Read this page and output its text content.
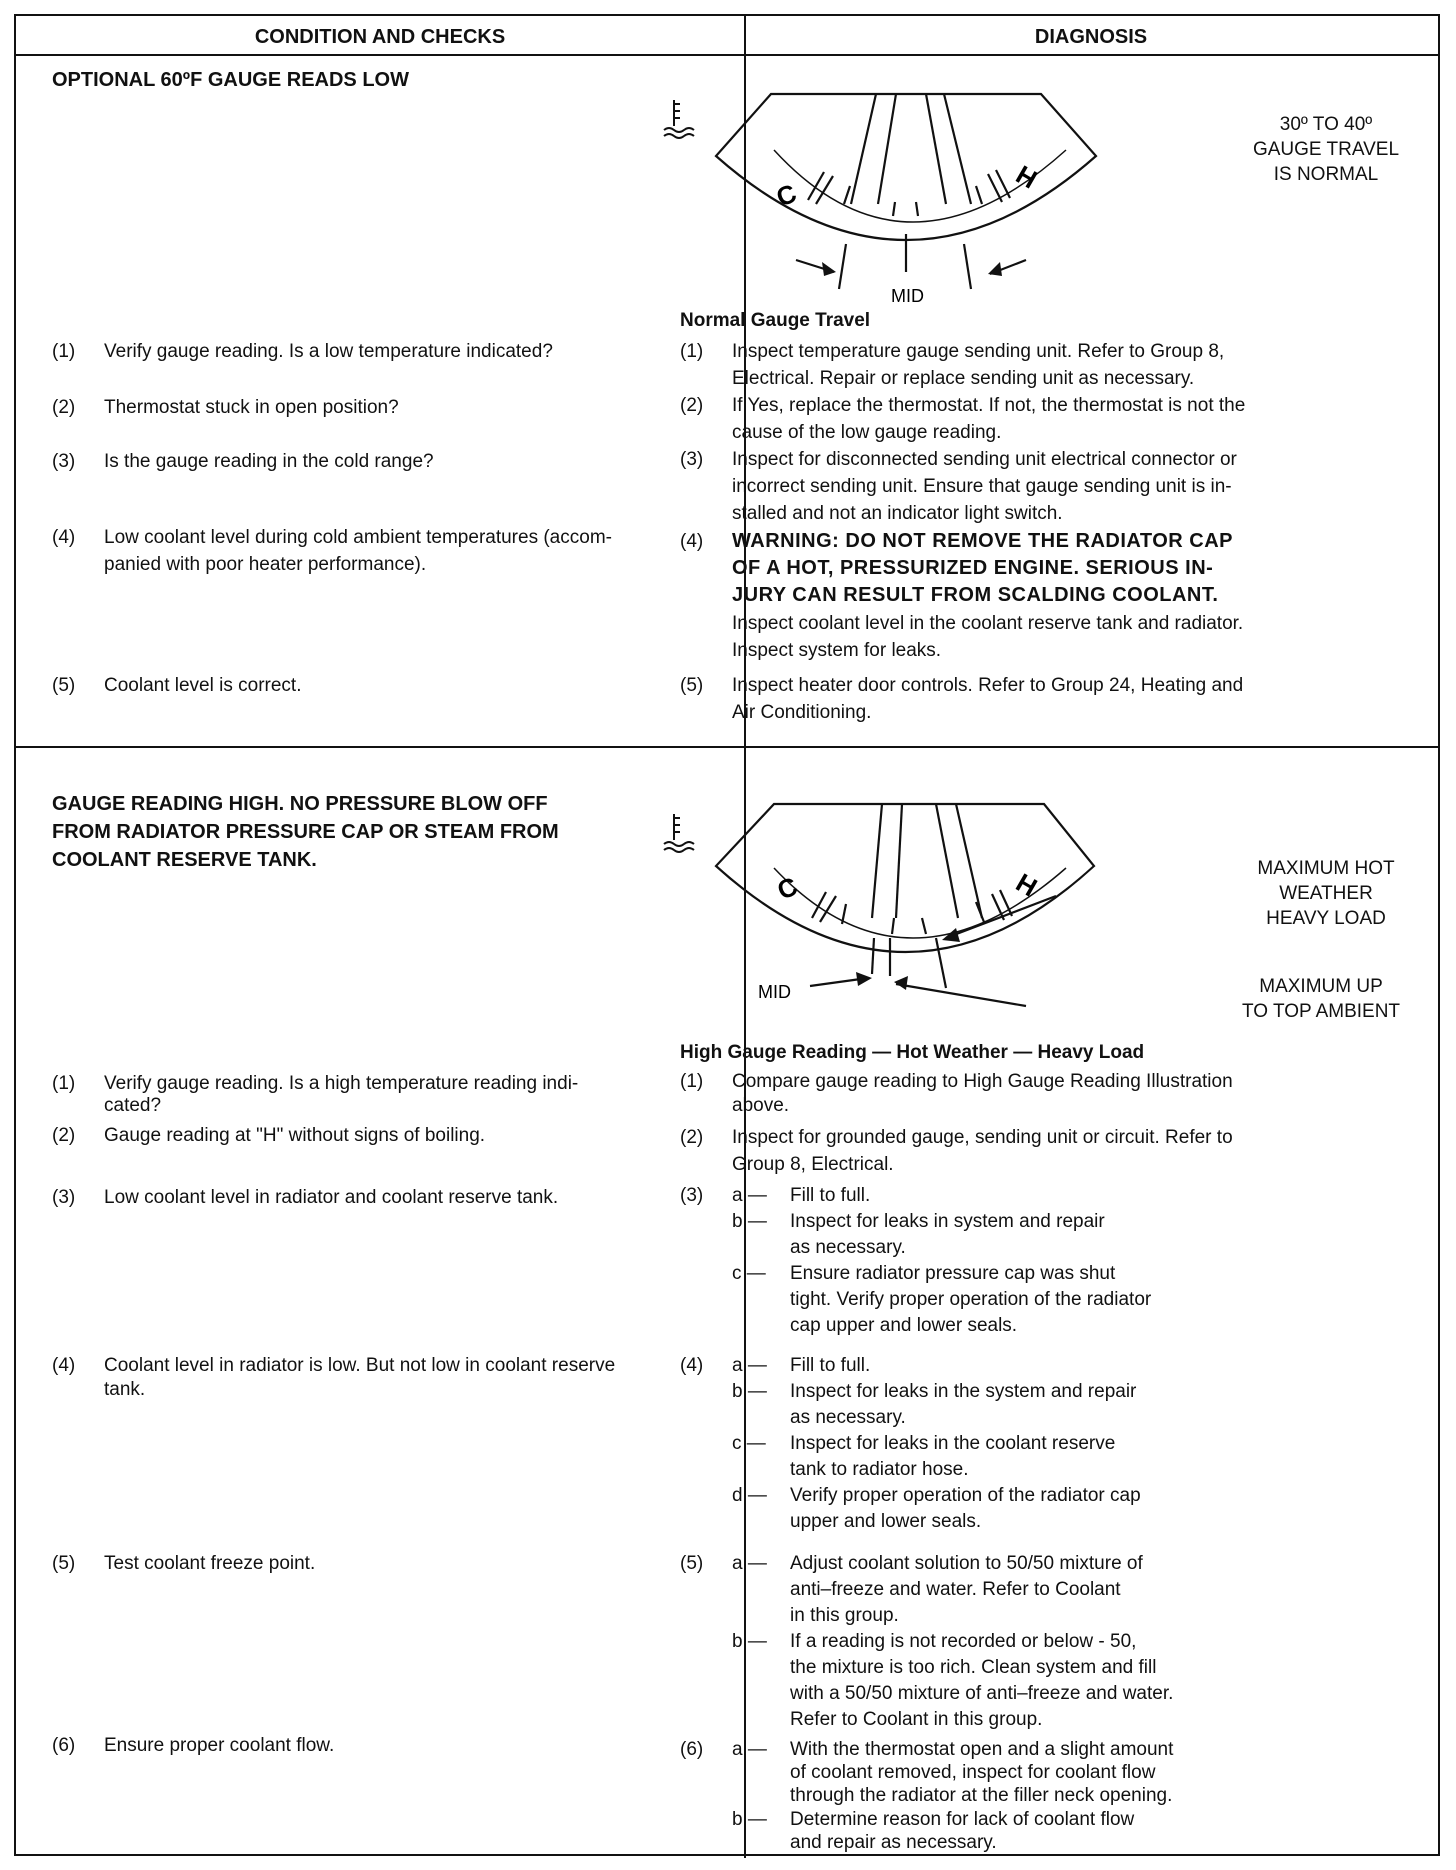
CONDITION AND CHECKS	DIAGNOSIS
OPTIONAL 60ºF GAUGE READS LOW
C
H
MID
30º TO 40º
GAUGE TRAVEL
IS NORMAL
Normal Gauge Travel
(1) Verify gauge reading. Is a low temperature indicated?
(2) Thermostat stuck in open position?
(3) Is the gauge reading in the cold range?
(4) Low coolant level during cold ambient temperatures (accom-
panied with poor heater performance).
(5) Coolant level is correct.
(1) Inspect temperature gauge sending unit. Refer to Group 8,
Electrical. Repair or replace sending unit as necessary.
(2) If Yes, replace the thermostat. If not, the thermostat is not the
cause of the low gauge reading.
(3) Inspect for disconnected sending unit electrical connector or
incorrect sending unit. Ensure that gauge sending unit is in-
stalled and not an indicator light switch.
(4) WARNING: DO NOT REMOVE THE RADIATOR CAP
OF A HOT, PRESSURIZED ENGINE. SERIOUS IN-
JURY CAN RESULT FROM SCALDING COOLANT.
Inspect coolant level in the coolant reserve tank and radiator.
Inspect system for leaks.
(5) Inspect heater door controls. Refer to Group 24, Heating and
Air Conditioning.
GAUGE READING HIGH. NO PRESSURE BLOW OFF
FROM RADIATOR PRESSURE CAP OR STEAM FROM
COOLANT RESERVE TANK.
C	H
MID
MAXIMUM HOT
WEATHER
HEAVY LOAD
MAXIMUM UP
TO TOP AMBIENT
High Gauge Reading — Hot Weather — Heavy Load
(1) Verify gauge reading. Is a high temperature reading indi-
cated?
(2) Gauge reading at "H" without signs of boiling.
(3) Low coolant level in radiator and coolant reserve tank.
(4) Coolant level in radiator is low. But not low in coolant reserve
tank.
(5) Test coolant freeze point.
(6) Ensure proper coolant flow.
(1) Compare gauge reading to High Gauge Reading Illustration
above.
(2) Inspect for grounded gauge, sending unit or circuit. Refer to
Group 8, Electrical.
(3) a — Fill to full.
b — Inspect for leaks in system and repair
as necessary.
c — Ensure radiator pressure cap was shut
tight. Verify proper operation of the radiator
cap upper and lower seals.
(4) a — Fill to full.
b — Inspect for leaks in the system and repair
as necessary.
c — Inspect for leaks in the coolant reserve
tank to radiator hose.
d — Verify proper operation of the radiator cap
upper and lower seals.
(5) a — Adjust coolant solution to 50/50 mixture of
anti–freeze and water. Refer to Coolant
in this group.
b — If a reading is not recorded or below - 50,
the mixture is too rich. Clean system and fill
with a 50/50 mixture of anti–freeze and water.
Refer to Coolant in this group.
(6) a — With the thermostat open and a slight amount
of coolant removed, inspect for coolant flow
through the radiator at the filler neck opening.
b — Determine reason for lack of coolant flow
and repair as necessary.
